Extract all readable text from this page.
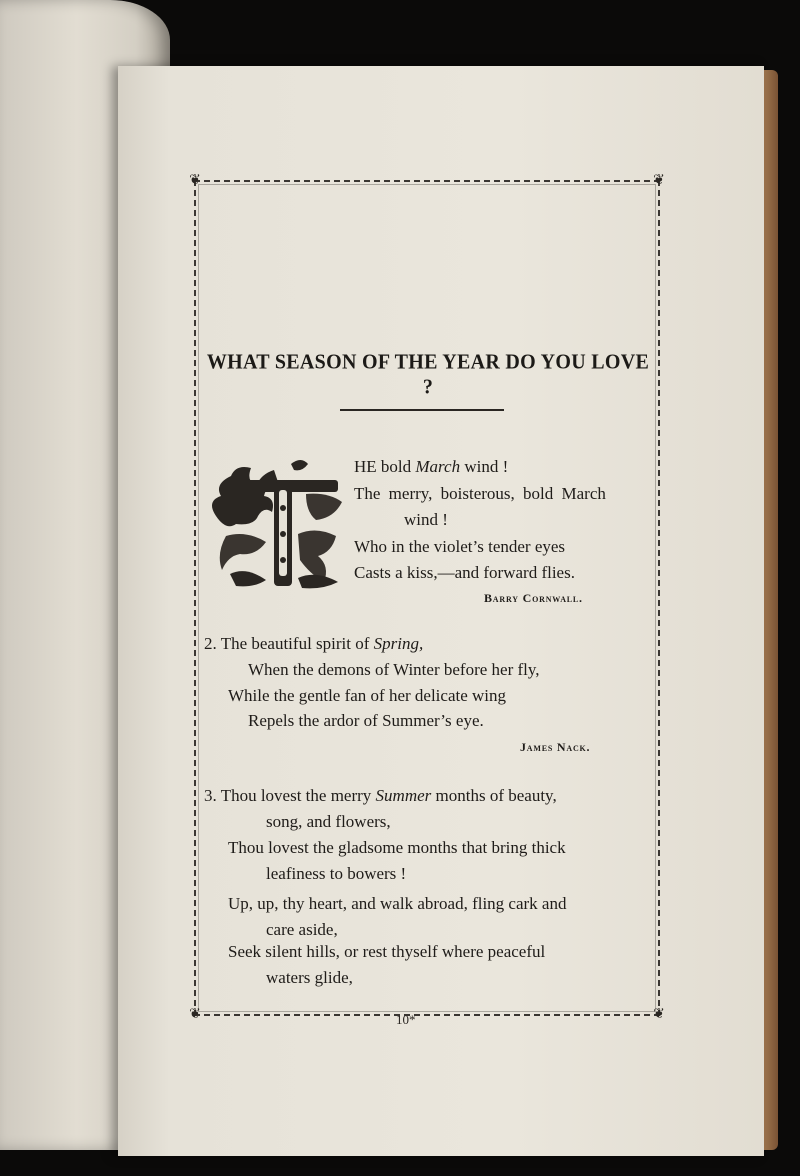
❦	❦
❦	❦
WHAT SEASON OF THE YEAR DO YOU LOVE ?
HE bold March wind !
The merry, boisterous, bold March
wind !
Who in the violet’s tender eyes
Casts a kiss,—and forward flies.
Barry Cornwall.
2. The beautiful spirit of Spring,
When the demons of Winter before her fly,
While the gentle fan of her delicate wing
Repels the ardor of Summer’s eye.
James Nack.
3. Thou lovest the merry Summer months of beauty,
song, and flowers,
Thou lovest the gladsome months that bring thick
leafiness to bowers !
Up, up, thy heart, and walk abroad, fling cark and
care aside,
Seek silent hills, or rest thyself where peaceful
waters glide,
10*
